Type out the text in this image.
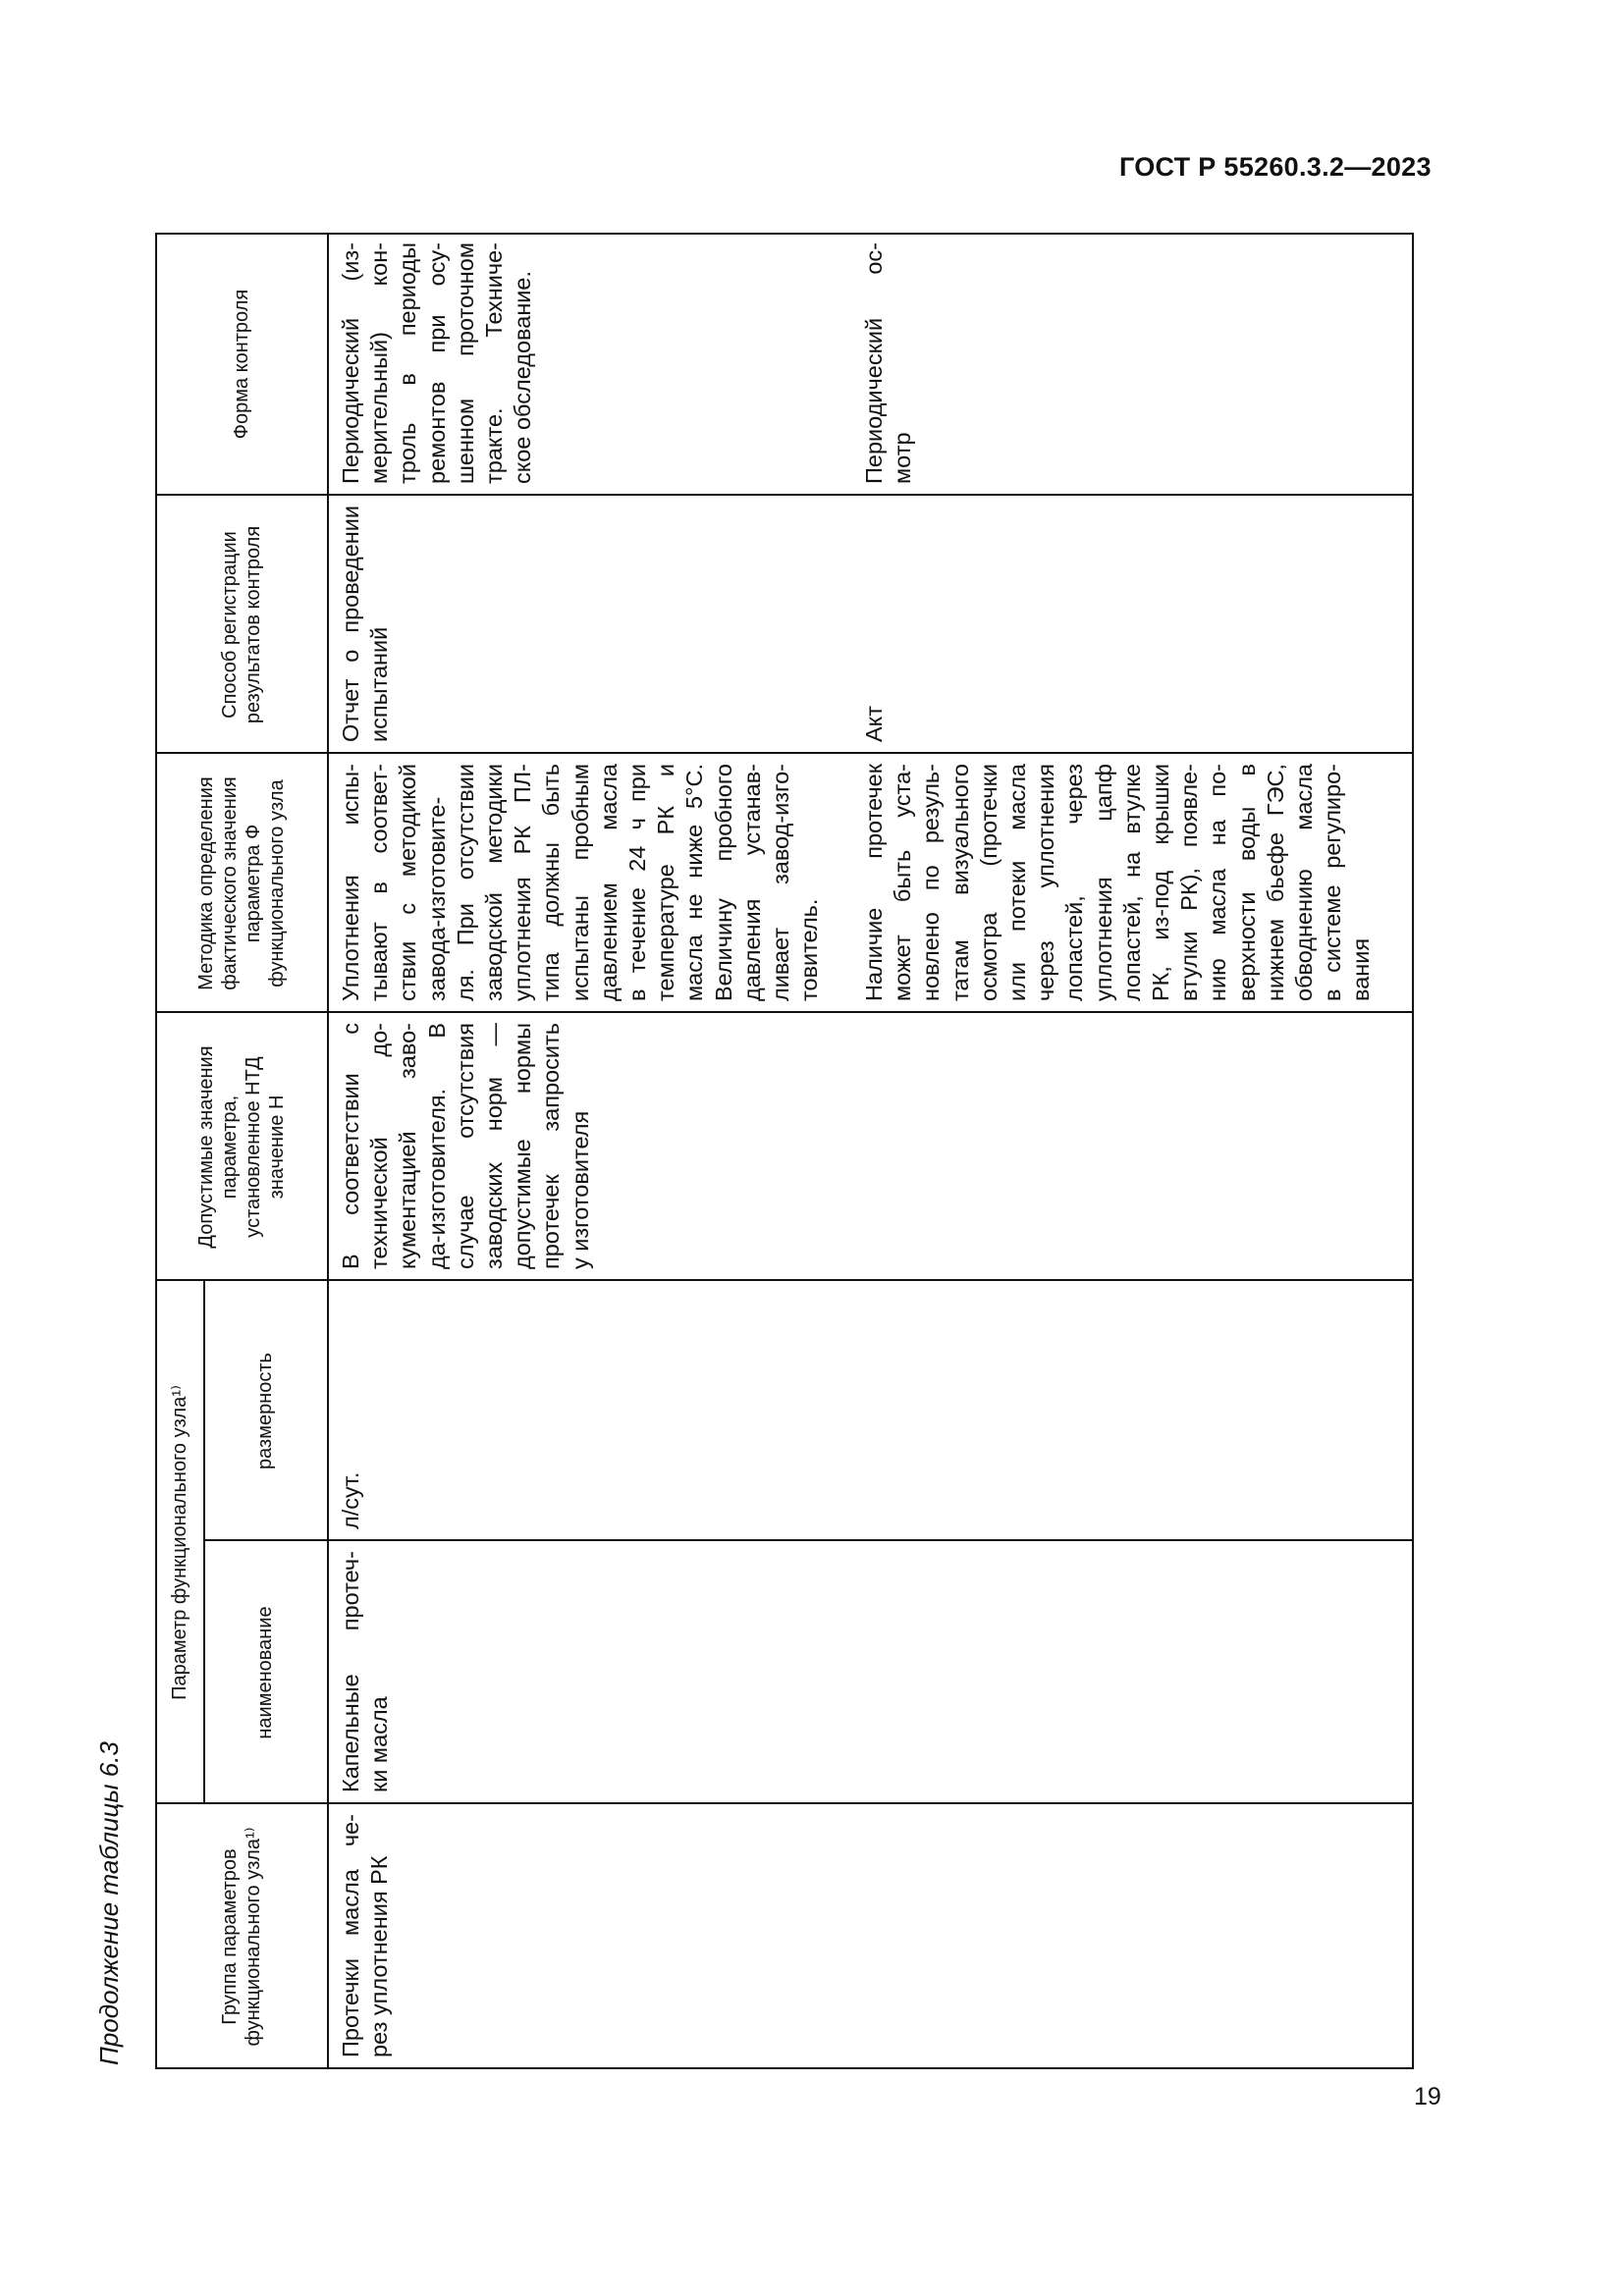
ГОСТ Р 55260.3.2—2023
19
Продолжение таблицы 6.3	Группа параметров функционального узла¹⁾
Параметр функционального узла¹⁾	наименование
размерность
Допустимые значения параметра, установленное НТД значение Н
Методика определения фактического значения параметра Ф функционального узла
Способ регистрации результатов контроля
Форма контроля
Протечки масла че- рез уплотнения РК
Капельные протеч- ки масла
л/сут.
В соответствии с технической до- кументацией заво- да-изготовителя. В случае отсутствия заводских норм — допустимые нормы протечек запросить у изготовителя
Уплотнения испы- тывают в соответ- ствии с методикой завода-изготовите- ля. При отсутствии заводской методики уплотнения РК ПЛ- типа должны быть испытаны пробным давлением масла в течение 24 ч при температуре РК и масла не ниже 5°С. Величину пробного давления устанав- ливает завод-изго- товитель.
Отчет о проведении испытаний
Периодический (из- мерительный) кон- троль в периоды ремонтов при осу- шенном проточном тракте. Техниче- ское обследование.
Наличие протечек может быть уста- новлено по резуль- татам визуального осмотра (протечки или потеки масла через уплотнения лопастей, через уплотнения цапф лопастей, на втулке РК, из-под крышки втулки РК), появле- нию масла на по- верхности воды в нижнем бьефе ГЭС, обводнению масла в системе регулиро- вания
Акт
Периодический ос- мотр
